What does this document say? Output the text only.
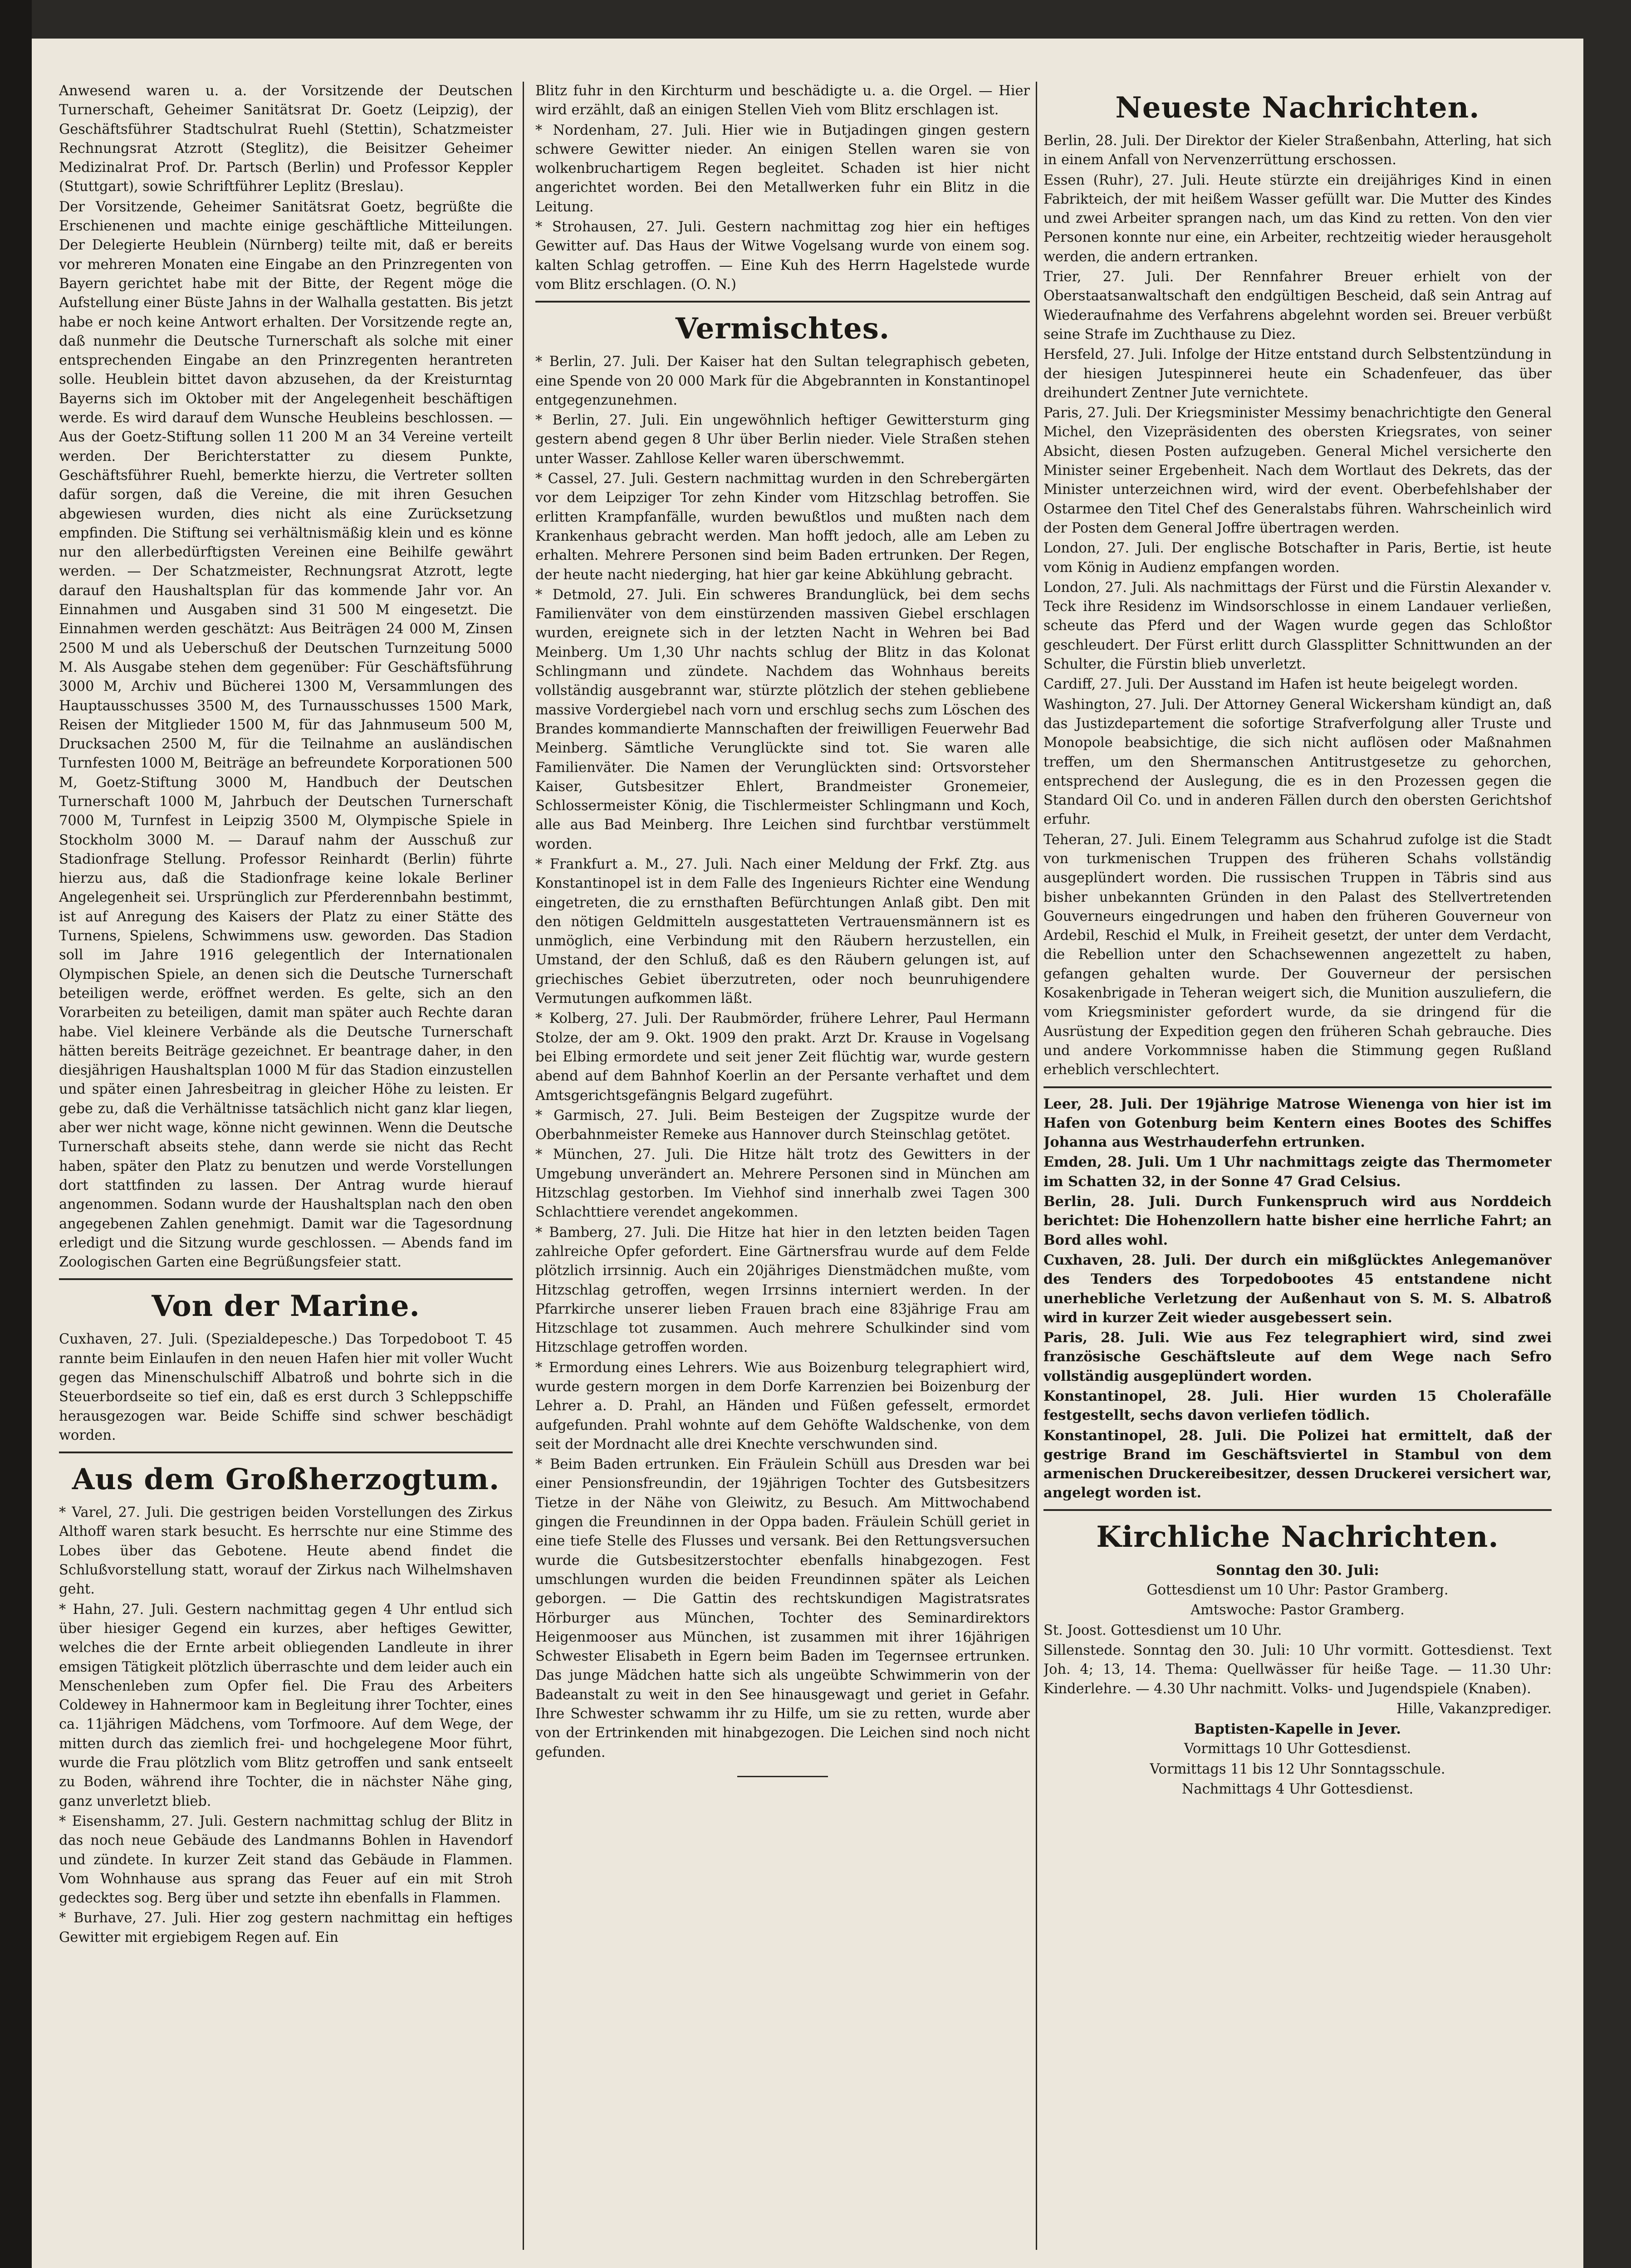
Anwesend waren u. a. der Vorsitzende der Deutschen Turnerschaft, Geheimer Sanitätsrat Dr. Goetz (Leipzig), der Geschäftsführer Stadtschulrat Ruehl (Stettin), Schatzmeister Rechnungsrat Atzrott (Steglitz), die Beisitzer Geheimer Medizinalrat Prof. Dr. Partsch (Berlin) und Professor Keppler (Stuttgart), sowie Schriftführer Leplitz (Breslau).

Der Vorsitzende, Geheimer Sanitätsrat Goetz, begrüßte die Erschienenen und machte einige geschäftliche Mitteilungen. Der Delegierte Heublein (Nürnberg) teilte mit, daß er bereits vor mehreren Monaten eine Eingabe an den Prinzregenten von Bayern gerichtet habe mit der Bitte, der Regent möge die Aufstellung einer Büste Jahns in der Walhalla gestatten. Bis jetzt habe er noch keine Antwort erhalten. Der Vorsitzende regte an, daß nunmehr die Deutsche Turnerschaft als solche mit einer entsprechenden Eingabe an den Prinzregenten herantreten solle. Heublein bittet davon abzusehen, da der Kreisturntag Bayerns sich im Oktober mit der Angelegenheit beschäftigen werde. Es wird darauf dem Wunsche Heubleins beschlossen. — Aus der Goetz-Stiftung sollen 11 200 M an 34 Vereine verteilt werden. Der Berichterstatter zu diesem Punkte, Geschäftsführer Ruehl, bemerkte hierzu, die Vertreter sollten dafür sorgen, daß die Vereine, die mit ihren Gesuchen abgewiesen wurden, dies nicht als eine Zurücksetzung empfinden. Die Stiftung sei verhältnismäßig klein und es könne nur den allerbedürftigsten Vereinen eine Beihilfe gewährt werden. — Der Schatzmeister, Rechnungsrat Atzrott, legte darauf den Haushaltsplan für das kommende Jahr vor. An Einnahmen und Ausgaben sind 31 500 M eingesetzt. Die Einnahmen werden geschätzt: Aus Beiträgen 24 000 M, Zinsen 2500 M und als Ueberschuß der Deutschen Turnzeitung 5000 M. Als Ausgabe stehen dem gegenüber: Für Geschäftsführung 3000 M, Archiv und Bücherei 1300 M, Versammlungen des Hauptausschusses 3500 M, des Turnausschusses 1500 Mark, Reisen der Mitglieder 1500 M, für das Jahnmuseum 500 M, Drucksachen 2500 M, für die Teilnahme an ausländischen Turnfesten 1000 M, Beiträge an befreundete Korporationen 500 M, Goetz-Stiftung 3000 M, Handbuch der Deutschen Turnerschaft 1000 M, Jahrbuch der Deutschen Turnerschaft 7000 M, Turnfest in Leipzig 3500 M, Olympische Spiele in Stockholm 3000 M. — Darauf nahm der Ausschuß zur Stadionfrage Stellung. Professor Reinhardt (Berlin) führte hierzu aus, daß die Stadionfrage keine lokale Berliner Angelegenheit sei. Ursprünglich zur Pferderennbahn bestimmt, ist auf Anregung des Kaisers der Platz zu einer Stätte des Turnens, Spielens, Schwimmens usw. geworden. Das Stadion soll im Jahre 1916 gelegentlich der Internationalen Olympischen Spiele, an denen sich die Deutsche Turnerschaft beteiligen werde, eröffnet werden. Es gelte, sich an den Vorarbeiten zu beteiligen, damit man später auch Rechte daran habe. Viel kleinere Verbände als die Deutsche Turnerschaft hätten bereits Beiträge gezeichnet. Er beantrage daher, in den diesjährigen Haushaltsplan 1000 M für das Stadion einzustellen und später einen Jahresbeitrag in gleicher Höhe zu leisten. Er gebe zu, daß die Verhältnisse tatsächlich nicht ganz klar liegen, aber wer nicht wage, könne nicht gewinnen. Wenn die Deutsche Turnerschaft abseits stehe, dann werde sie nicht das Recht haben, später den Platz zu benutzen und werde Vorstellungen dort stattfinden zu lassen. Der Antrag wurde hierauf angenommen. Sodann wurde der Haushaltsplan nach den oben angegebenen Zahlen genehmigt. Damit war die Tagesordnung erledigt und die Sitzung wurde geschlossen. — Abends fand im Zoologischen Garten eine Begrüßungsfeier statt.

Von der Marine.

Cuxhaven, 27. Juli. (Spezialdepesche.) Das Torpedoboot T. 45 rannte beim Einlaufen in den neuen Hafen hier mit voller Wucht gegen das Minenschulschiff Albatroß und bohrte sich in die Steuerbordseite so tief ein, daß es erst durch 3 Schleppschiffe herausgezogen war. Beide Schiffe sind schwer beschädigt worden.

Aus dem Großherzogtum.

* Varel, 27. Juli. Die gestrigen beiden Vorstellungen des Zirkus Althoff waren stark besucht. Es herrschte nur eine Stimme des Lobes über das Gebotene. Heute abend findet die Schlußvorstellung statt, worauf der Zirkus nach Wilhelmshaven geht.

* Hahn, 27. Juli. Gestern nachmittag gegen 4 Uhr entlud sich über hiesiger Gegend ein kurzes, aber heftiges Gewitter, welches die der Ernte arbeit obliegenden Landleute in ihrer emsigen Tätigkeit plötzlich überraschte und dem leider auch ein Menschenleben zum Opfer fiel. Die Frau des Arbeiters Coldewey in Hahnermoor kam in Begleitung ihrer Tochter, eines ca. 11jährigen Mädchens, vom Torfmoore. Auf dem Wege, der mitten durch das ziemlich frei- und hochgelegene Moor führt, wurde die Frau plötzlich vom Blitz getroffen und sank entseelt zu Boden, während ihre Tochter, die in nächster Nähe ging, ganz unverletzt blieb.

* Eisenshamm, 27. Juli. Gestern nachmittag schlug der Blitz in das noch neue Gebäude des Landmanns Bohlen in Havendorf und zündete. In kurzer Zeit stand das Gebäude in Flammen. Vom Wohnhause aus sprang das Feuer auf ein mit Stroh gedecktes sog. Berg über und setzte ihn ebenfalls in Flammen.

* Burhave, 27. Juli. Hier zog gestern nachmittag ein heftiges Gewitter mit ergiebigem Regen auf. Ein

Blitz fuhr in den Kirchturm und beschädigte u. a. die Orgel. — Hier wird erzählt, daß an einigen Stellen Vieh vom Blitz erschlagen ist.

* Nordenham, 27. Juli. Hier wie in Butjadingen gingen gestern schwere Gewitter nieder. An einigen Stellen waren sie von wolkenbruchartigem Regen begleitet. Schaden ist hier nicht angerichtet worden. Bei den Metallwerken fuhr ein Blitz in die Leitung.

* Strohausen, 27. Juli. Gestern nachmittag zog hier ein heftiges Gewitter auf. Das Haus der Witwe Vogelsang wurde von einem sog. kalten Schlag getroffen. — Eine Kuh des Herrn Hagelstede wurde vom Blitz erschlagen. (O. N.)

Vermischtes.

* Berlin, 27. Juli. Der Kaiser hat den Sultan telegraphisch gebeten, eine Spende von 20 000 Mark für die Abgebrannten in Konstantinopel entgegenzunehmen.

* Berlin, 27. Juli. Ein ungewöhnlich heftiger Gewittersturm ging gestern abend gegen 8 Uhr über Berlin nieder. Viele Straßen stehen unter Wasser. Zahllose Keller waren überschwemmt.

* Cassel, 27. Juli. Gestern nachmittag wurden in den Schrebergärten vor dem Leipziger Tor zehn Kinder vom Hitzschlag betroffen. Sie erlitten Krampfanfälle, wurden bewußtlos und mußten nach dem Krankenhaus gebracht werden. Man hofft jedoch, alle am Leben zu erhalten. Mehrere Personen sind beim Baden ertrunken. Der Regen, der heute nacht niederging, hat hier gar keine Abkühlung gebracht.

* Detmold, 27. Juli. Ein schweres Brandunglück, bei dem sechs Familienväter von dem einstürzenden massiven Giebel erschlagen wurden, ereignete sich in der letzten Nacht in Wehren bei Bad Meinberg. Um 1,30 Uhr nachts schlug der Blitz in das Kolonat Schlingmann und zündete. Nachdem das Wohnhaus bereits vollständig ausgebrannt war, stürzte plötzlich der stehen gebliebene massive Vordergiebel nach vorn und erschlug sechs zum Löschen des Brandes kommandierte Mannschaften der freiwilligen Feuerwehr Bad Meinberg. Sämtliche Verunglückte sind tot. Sie waren alle Familienväter. Die Namen der Verunglückten sind: Ortsvorsteher Kaiser, Gutsbesitzer Ehlert, Brandmeister Gronemeier, Schlossermeister König, die Tischlermeister Schlingmann und Koch, alle aus Bad Meinberg. Ihre Leichen sind furchtbar verstümmelt worden.

* Frankfurt a. M., 27. Juli. Nach einer Meldung der Frkf. Ztg. aus Konstantinopel ist in dem Falle des Ingenieurs Richter eine Wendung eingetreten, die zu ernsthaften Befürchtungen Anlaß gibt. Den mit den nötigen Geldmitteln ausgestatteten Vertrauensmännern ist es unmöglich, eine Verbindung mit den Räubern herzustellen, ein Umstand, der den Schluß, daß es den Räubern gelungen ist, auf griechisches Gebiet überzutreten, oder noch beunruhigendere Vermutungen aufkommen läßt.

* Kolberg, 27. Juli. Der Raubmörder, frühere Lehrer, Paul Hermann Stolze, der am 9. Okt. 1909 den prakt. Arzt Dr. Krause in Vogelsang bei Elbing ermordete und seit jener Zeit flüchtig war, wurde gestern abend auf dem Bahnhof Koerlin an der Persante verhaftet und dem Amtsgerichtsgefängnis Belgard zugeführt.

* Garmisch, 27. Juli. Beim Besteigen der Zugspitze wurde der Oberbahnmeister Remeke aus Hannover durch Steinschlag getötet.

* München, 27. Juli. Die Hitze hält trotz des Gewitters in der Umgebung unverändert an. Mehrere Personen sind in München am Hitzschlag gestorben. Im Viehhof sind innerhalb zwei Tagen 300 Schlachttiere verendet angekommen.

* Bamberg, 27. Juli. Die Hitze hat hier in den letzten beiden Tagen zahlreiche Opfer gefordert. Eine Gärtnersfrau wurde auf dem Felde plötzlich irrsinnig. Auch ein 20jähriges Dienstmädchen mußte, vom Hitzschlag getroffen, wegen Irrsinns interniert werden. In der Pfarrkirche unserer lieben Frauen brach eine 83jährige Frau am Hitzschlage tot zusammen. Auch mehrere Schulkinder sind vom Hitzschlage getroffen worden.

* Ermordung eines Lehrers. Wie aus Boizenburg telegraphiert wird, wurde gestern morgen in dem Dorfe Karrenzien bei Boizenburg der Lehrer a. D. Prahl, an Händen und Füßen gefesselt, ermordet aufgefunden. Prahl wohnte auf dem Gehöfte Waldschenke, von dem seit der Mordnacht alle drei Knechte verschwunden sind.

* Beim Baden ertrunken. Ein Fräulein Schüll aus Dresden war bei einer Pensionsfreundin, der 19jährigen Tochter des Gutsbesitzers Tietze in der Nähe von Gleiwitz, zu Besuch. Am Mittwochabend gingen die Freundinnen in der Oppa baden. Fräulein Schüll geriet in eine tiefe Stelle des Flusses und versank. Bei den Rettungsversuchen wurde die Gutsbesitzerstochter ebenfalls hinabgezogen. Fest umschlungen wurden die beiden Freundinnen später als Leichen geborgen. — Die Gattin des rechtskundigen Magistratsrates Hörburger aus München, Tochter des Seminardirektors Heigenmooser aus München, ist zusammen mit ihrer 16jährigen Schwester Elisabeth in Egern beim Baden im Tegernsee ertrunken. Das junge Mädchen hatte sich als ungeübte Schwimmerin von der Badeanstalt zu weit in den See hinausgewagt und geriet in Gefahr. Ihre Schwester schwamm ihr zu Hilfe, um sie zu retten, wurde aber von der Ertrinkenden mit hinabgezogen. Die Leichen sind noch nicht gefunden.

Neueste Nachrichten.

Berlin, 28. Juli. Der Direktor der Kieler Straßenbahn, Atterling, hat sich in einem Anfall von Nervenzerrüttung erschossen.

Essen (Ruhr), 27. Juli. Heute stürzte ein dreijähriges Kind in einen Fabrikteich, der mit heißem Wasser gefüllt war. Die Mutter des Kindes und zwei Arbeiter sprangen nach, um das Kind zu retten. Von den vier Personen konnte nur eine, ein Arbeiter, rechtzeitig wieder herausgeholt werden, die andern ertranken.

Trier, 27. Juli. Der Rennfahrer Breuer erhielt von der Oberstaatsanwaltschaft den endgültigen Bescheid, daß sein Antrag auf Wiederaufnahme des Verfahrens abgelehnt worden sei. Breuer verbüßt seine Strafe im Zuchthause zu Diez.

Hersfeld, 27. Juli. Infolge der Hitze entstand durch Selbstentzündung in der hiesigen Jutespinnerei heute ein Schadenfeuer, das über dreihundert Zentner Jute vernichtete.

Paris, 27. Juli. Der Kriegsminister Messimy benachrichtigte den General Michel, den Vizepräsidenten des obersten Kriegsrates, von seiner Absicht, diesen Posten aufzugeben. General Michel versicherte den Minister seiner Ergebenheit. Nach dem Wortlaut des Dekrets, das der Minister unterzeichnen wird, wird der event. Oberbefehlshaber der Ostarmee den Titel Chef des Generalstabs führen. Wahrscheinlich wird der Posten dem General Joffre übertragen werden.

London, 27. Juli. Der englische Botschafter in Paris, Bertie, ist heute vom König in Audienz empfangen worden.

London, 27. Juli. Als nachmittags der Fürst und die Fürstin Alexander v. Teck ihre Residenz im Windsorschlosse in einem Landauer verließen, scheute das Pferd und der Wagen wurde gegen das Schloßtor geschleudert. Der Fürst erlitt durch Glassplitter Schnittwunden an der Schulter, die Fürstin blieb unverletzt.

Cardiff, 27. Juli. Der Ausstand im Hafen ist heute beigelegt worden.

Washington, 27. Juli. Der Attorney General Wickersham kündigt an, daß das Justizdepartement die sofortige Strafverfolgung aller Truste und Monopole beabsichtige, die sich nicht auflösen oder Maßnahmen treffen, um den Shermanschen Antitrustgesetze zu gehorchen, entsprechend der Auslegung, die es in den Prozessen gegen die Standard Oil Co. und in anderen Fällen durch den obersten Gerichtshof erfuhr.

Teheran, 27. Juli. Einem Telegramm aus Schahrud zufolge ist die Stadt von turkmenischen Truppen des früheren Schahs vollständig ausgeplündert worden. Die russischen Truppen in Täbris sind aus bisher unbekannten Gründen in den Palast des Stellvertretenden Gouverneurs eingedrungen und haben den früheren Gouverneur von Ardebil, Reschid el Mulk, in Freiheit gesetzt, der unter dem Verdacht, die Rebellion unter den Schachsewennen angezettelt zu haben, gefangen gehalten wurde. Der Gouverneur der persischen Kosakenbrigade in Teheran weigert sich, die Munition auszuliefern, die vom Kriegsminister gefordert wurde, da sie dringend für die Ausrüstung der Expedition gegen den früheren Schah gebrauche. Dies und andere Vorkommnisse haben die Stimmung gegen Rußland erheblich verschlechtert.

Leer, 28. Juli. Der 19jährige Matrose Wienenga von hier ist im Hafen von Gotenburg beim Kentern eines Bootes des Schiffes Johanna aus Westrhauderfehn ertrunken.

Emden, 28. Juli. Um 1 Uhr nachmittags zeigte das Thermometer im Schatten 32, in der Sonne 47 Grad Celsius.

Berlin, 28. Juli. Durch Funkenspruch wird aus Norddeich berichtet: Die Hohenzollern hatte bisher eine herrliche Fahrt; an Bord alles wohl.

Cuxhaven, 28. Juli. Der durch ein mißglücktes Anlegemanöver des Tenders des Torpedobootes 45 entstandene nicht unerhebliche Verletzung der Außenhaut von S. M. S. Albatroß wird in kurzer Zeit wieder ausgebessert sein.

Paris, 28. Juli. Wie aus Fez telegraphiert wird, sind zwei französische Geschäftsleute auf dem Wege nach Sefro vollständig ausgeplündert worden.

Konstantinopel, 28. Juli. Hier wurden 15 Cholerafälle festgestellt, sechs davon verliefen tödlich.

Konstantinopel, 28. Juli. Die Polizei hat ermittelt, daß der gestrige Brand im Geschäftsviertel in Stambul von dem armenischen Druckereibesitzer, dessen Druckerei versichert war, angelegt worden ist.

Kirchliche Nachrichten.

Sonntag den 30. Juli:

Gottesdienst um 10 Uhr: Pastor Gramberg.

Amtswoche: Pastor Gramberg.

St. Joost. Gottesdienst um 10 Uhr.

Sillenstede. Sonntag den 30. Juli: 10 Uhr vormitt. Gottesdienst. Text Joh. 4; 13, 14. Thema: Quellwässer für heiße Tage. — 11.30 Uhr: Kinderlehre. — 4.30 Uhr nachmitt. Volks- und Jugendspiele (Knaben).

Hille, Vakanzprediger.

Baptisten-Kapelle in Jever.

Vormittags 10 Uhr Gottesdienst.

Vormittags 11 bis 12 Uhr Sonntagsschule.

Nachmittags 4 Uhr Gottesdienst.
